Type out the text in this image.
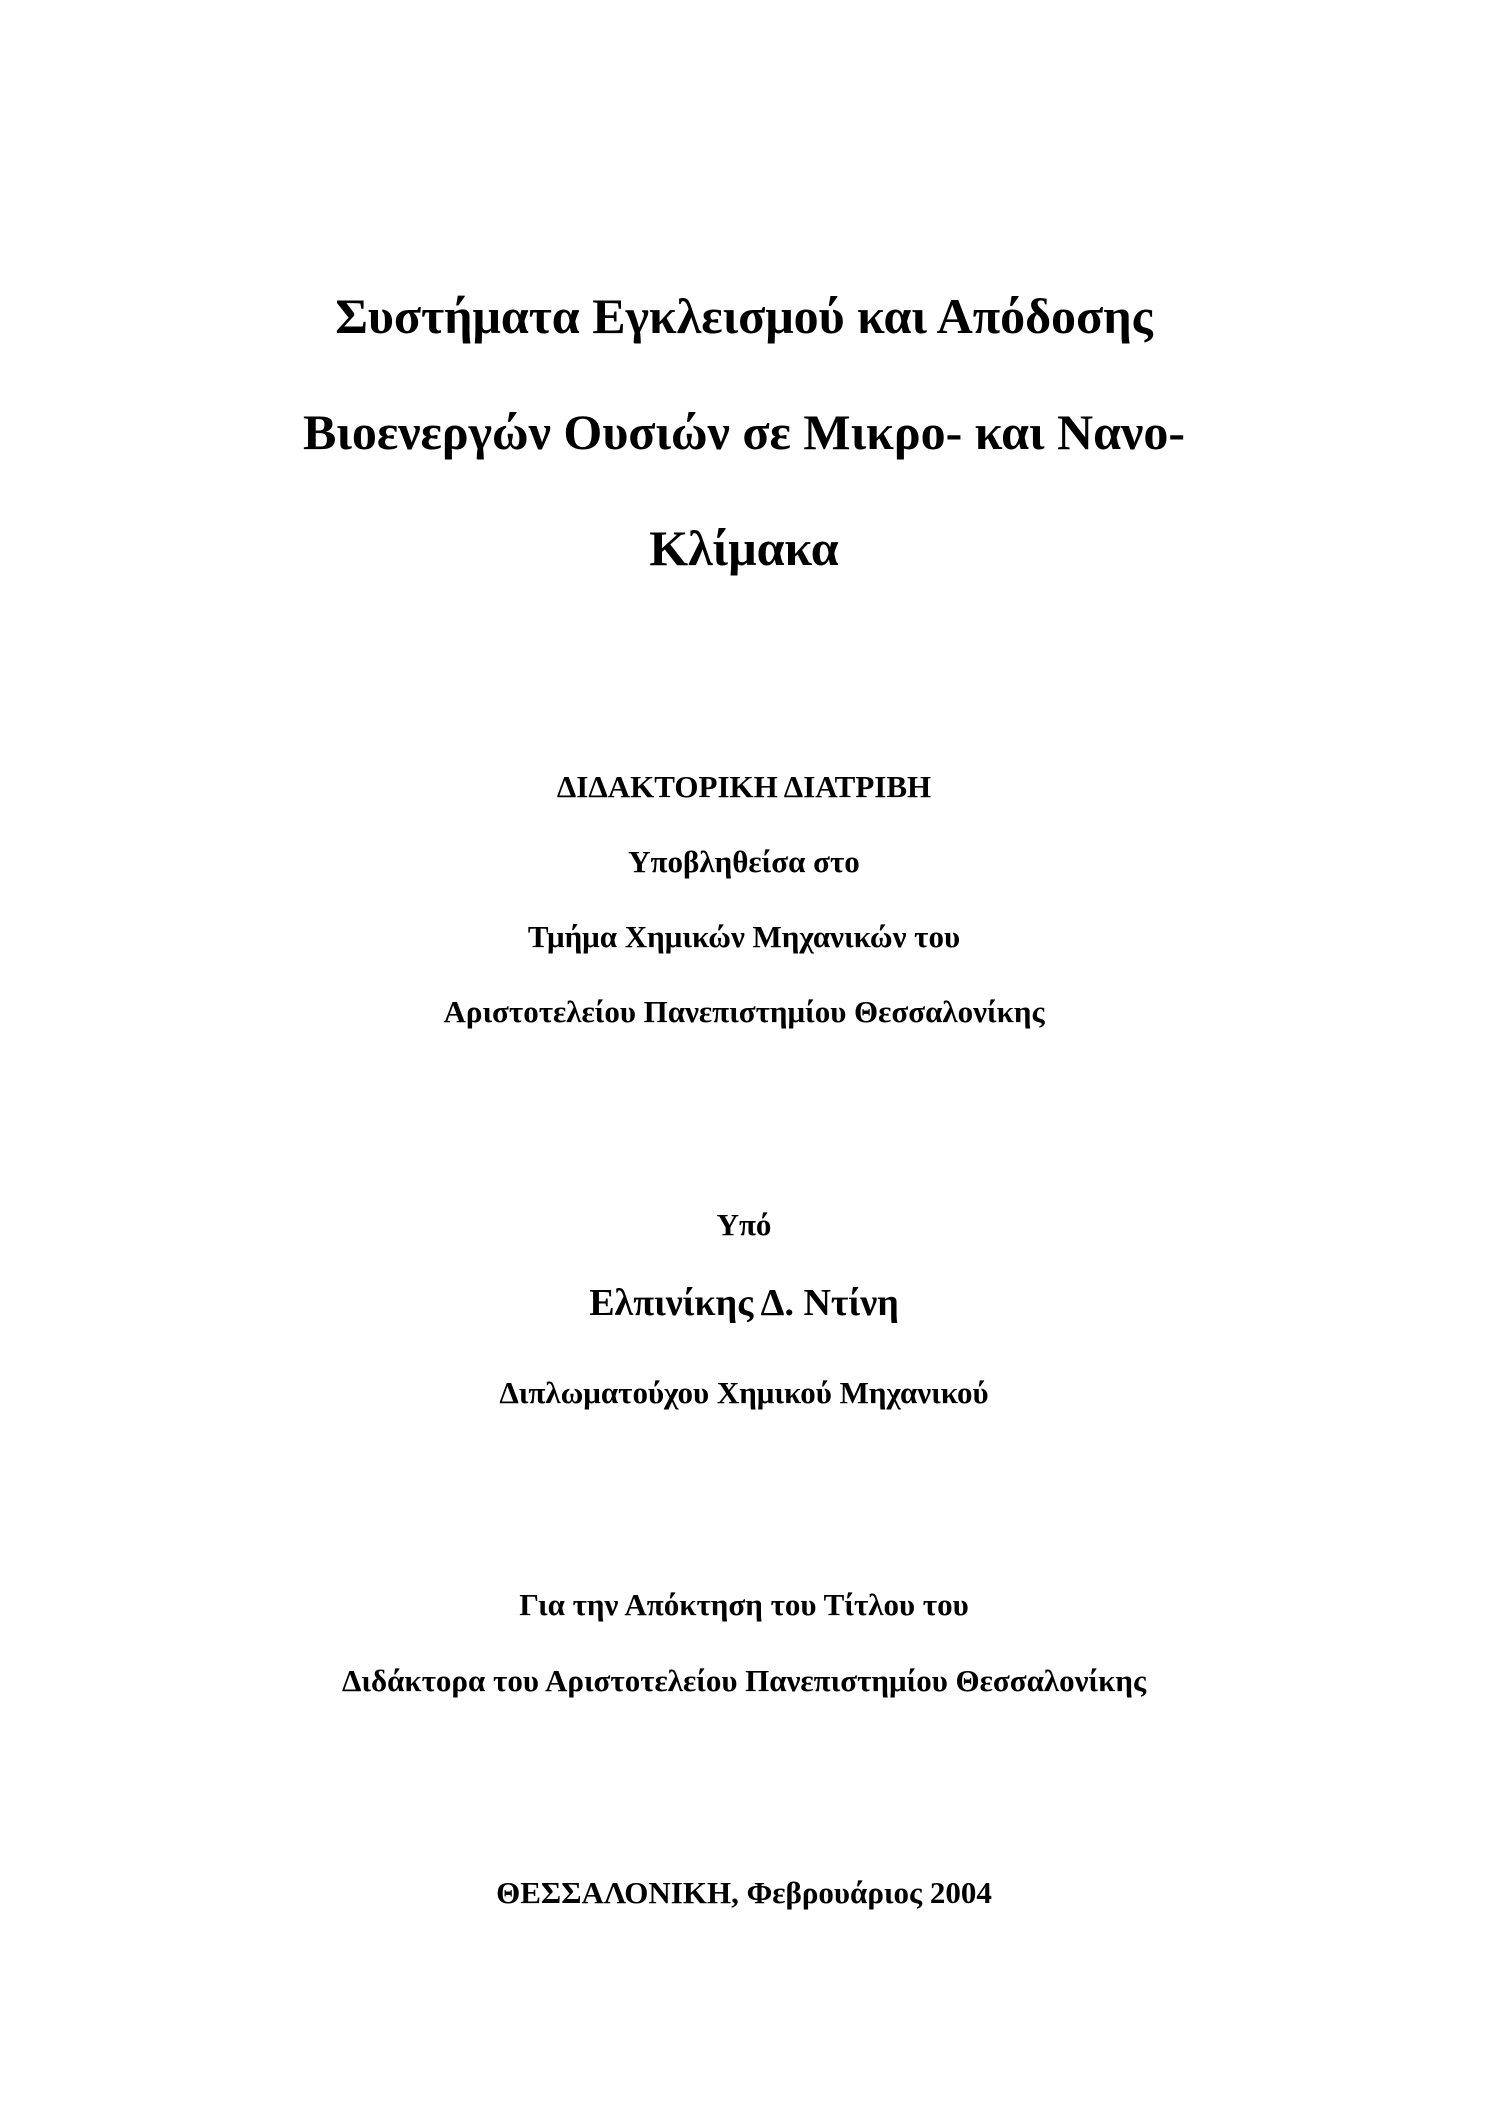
Συστήματα Εγκλεισμού και Απόδοσης
Βιοενεργών Ουσιών σε Μικρο- και Νανο-
Κλίμακα
ΔΙΔΑΚΤΟΡΙΚΗ ΔΙΑΤΡΙΒΗ
Υποβληθείσα στο
Τμήμα Χημικών Μηχανικών του
Αριστοτελείου Πανεπιστημίου Θεσσαλονίκης
Υπό
Ελπινίκης Δ. Ντίνη
Διπλωματούχου Χημικού Μηχανικού
Για την Απόκτηση του Τίτλου του
Διδάκτορα του Αριστοτελείου Πανεπιστημίου Θεσσαλονίκης
ΘΕΣΣΑΛΟΝΙΚΗ, Φεβρουάριος 2004
